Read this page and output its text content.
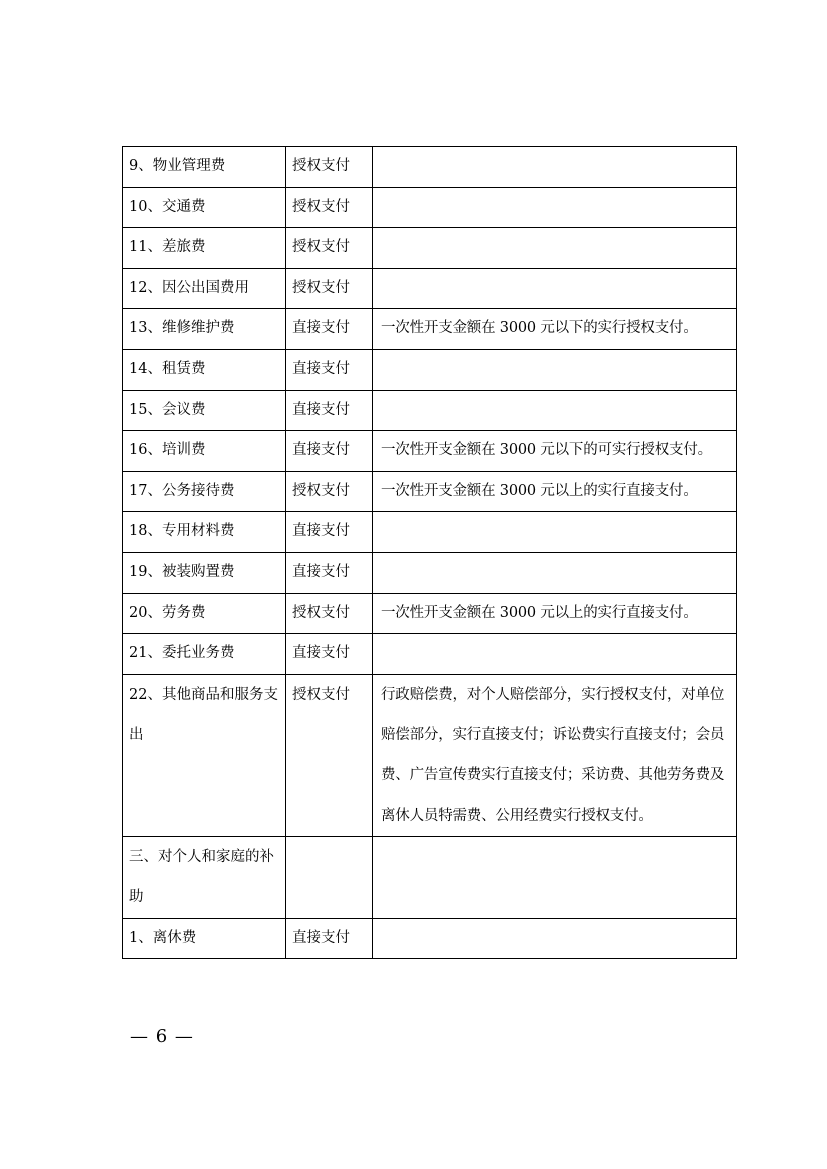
9、物业管理费	授权支付	
10、交通费	授权支付	
11、差旅费	授权支付	
12、因公出国费用	授权支付	
13、维修维护费	直接支付	一次性开支金额在 3000 元以下的实行授权支付。
14、租赁费	直接支付	
15、会议费	直接支付	
16、培训费	直接支付	一次性开支金额在 3000 元以下的可实行授权支付。
17、公务接待费	授权支付	一次性开支金额在 3000 元以上的实行直接支付。
18、专用材料费	直接支付	
19、被装购置费	直接支付	
20、劳务费	授权支付	一次性开支金额在 3000 元以上的实行直接支付。
21、委托业务费	直接支付	
22、其他商品和服务支出	授权支付	行政赔偿费，对个人赔偿部分，实行授权支付，对单位赔偿部分，实行直接支付；诉讼费实行直接支付；会员费、广告宣传费实行直接支付；采访费、其他劳务费及离休人员特需费、公用经费实行授权支付。
三、对个人和家庭的补助		
1、离休费	直接支付	
— 6 —
